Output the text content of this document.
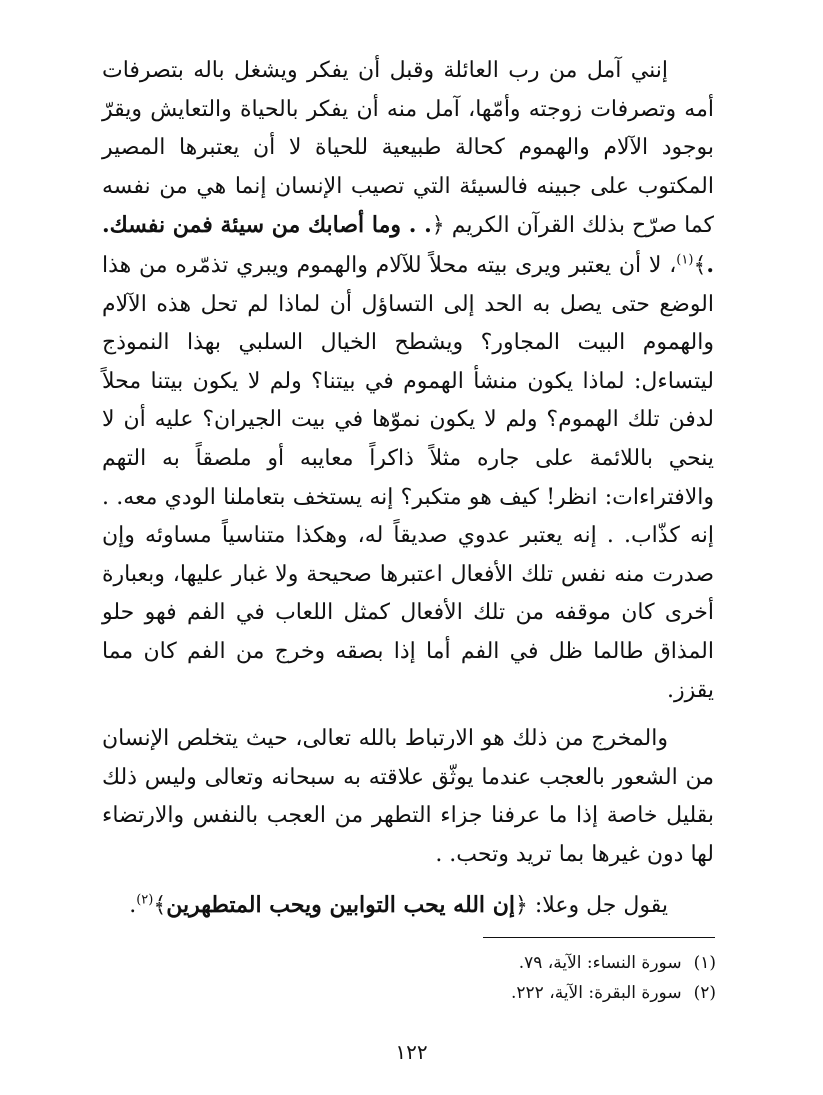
إنني آمل من رب العائلة وقبل أن يفكر ويشغل باله بتصرفات أمه وتصرفات زوجته وأمّها، آمل منه أن يفكر بالحياة والتعايش ويقرّ بوجود الآلام والهموم كحالة طبيعية للحياة لا أن يعتبرها المصير المكتوب على جبينه فالسيئة التي تصيب الإنسان إنما هي من نفسه كما صرّح بذلك القرآن الكريم ﴿. . وما أصابك من سيئة فمن نفسك. .﴾$^{(١)}$، لا أن يعتبر ويرى بيته محلاً للآلام والهموم ويبري تذمّره من هذا الوضع حتى يصل به الحد إلى التساؤل أن لماذا لم تحل هذه الآلام والهموم البيت المجاور؟ ويشطح الخيال السلبي بهذا النموذج ليتساءل: لماذا يكون منشأ الهموم في بيتنا؟ ولم لا يكون بيتنا محلاً لدفن تلك الهموم؟ ولم لا يكون نموّها في بيت الجيران؟ عليه أن لا ينحي باللائمة على جاره مثلاً ذاكراً معايبه أو ملصقاً به التهم والافتراءات: انظر! كيف هو متكبر؟ إنه يستخف بتعاملنا الودي معه. . إنه كذّاب. . إنه يعتبر عدوي صديقاً له، وهكذا متناسياً مساوئه وإن صدرت منه نفس تلك الأفعال اعتبرها صحيحة ولا غبار عليها، وبعبارة أخرى كان موقفه من تلك الأفعال كمثل اللعاب في الفم فهو حلو المذاق طالما ظل في الفم أما إذا بصقه وخرج من الفم كان مما يقزز.

والمخرج من ذلك هو الارتباط بالله تعالى، حيث يتخلص الإنسان من الشعور بالعجب عندما يوثّق علاقته به سبحانه وتعالى وليس ذلك بقليل خاصة إذا ما عرفنا جزاء التطهر من العجب بالنفس والارتضاء لها دون غيرها بما تريد وتحب. .

يقول جل وعلا: ﴿إن الله يحب التوابين ويحب المتطهرين﴾$^{(٢)}$.

(١)سورة النساء: الآية، ٧٩.

(٢)سورة البقرة: الآية، ٢٢٢.

١٢٢
